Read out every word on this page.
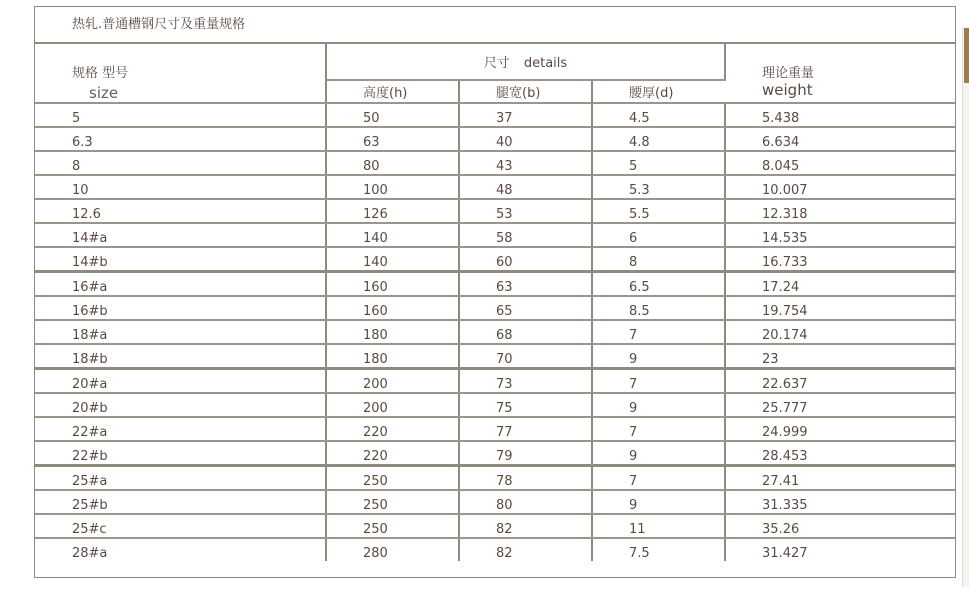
热轧.普通槽钢尺寸及重量规格
规格 型号
size	尺寸 details			理论重量
weight

	高度(h)	腿宽(b)	腰厚(d)	
5	50	37	4.5	5.438
6.3	63	40	4.8	6.634
8	80	43	5	8.045
10	100	48	5.3	10.007
12.6	126	53	5.5	12.318
14#a	140	58	6	14.535
14#b	140	60	8	16.733
16#a	160	63	6.5	17.24
16#b	160	65	8.5	19.754
18#a	180	68	7	20.174
18#b	180	70	9	23
20#a	200	73	7	22.637
20#b	200	75	9	25.777
22#a	220	77	7	24.999
22#b	220	79	9	28.453
25#a	250	78	7	27.41
25#b	250	80	9	31.335
25#c	250	82	11	35.26
28#a	280	82	7.5	31.427
